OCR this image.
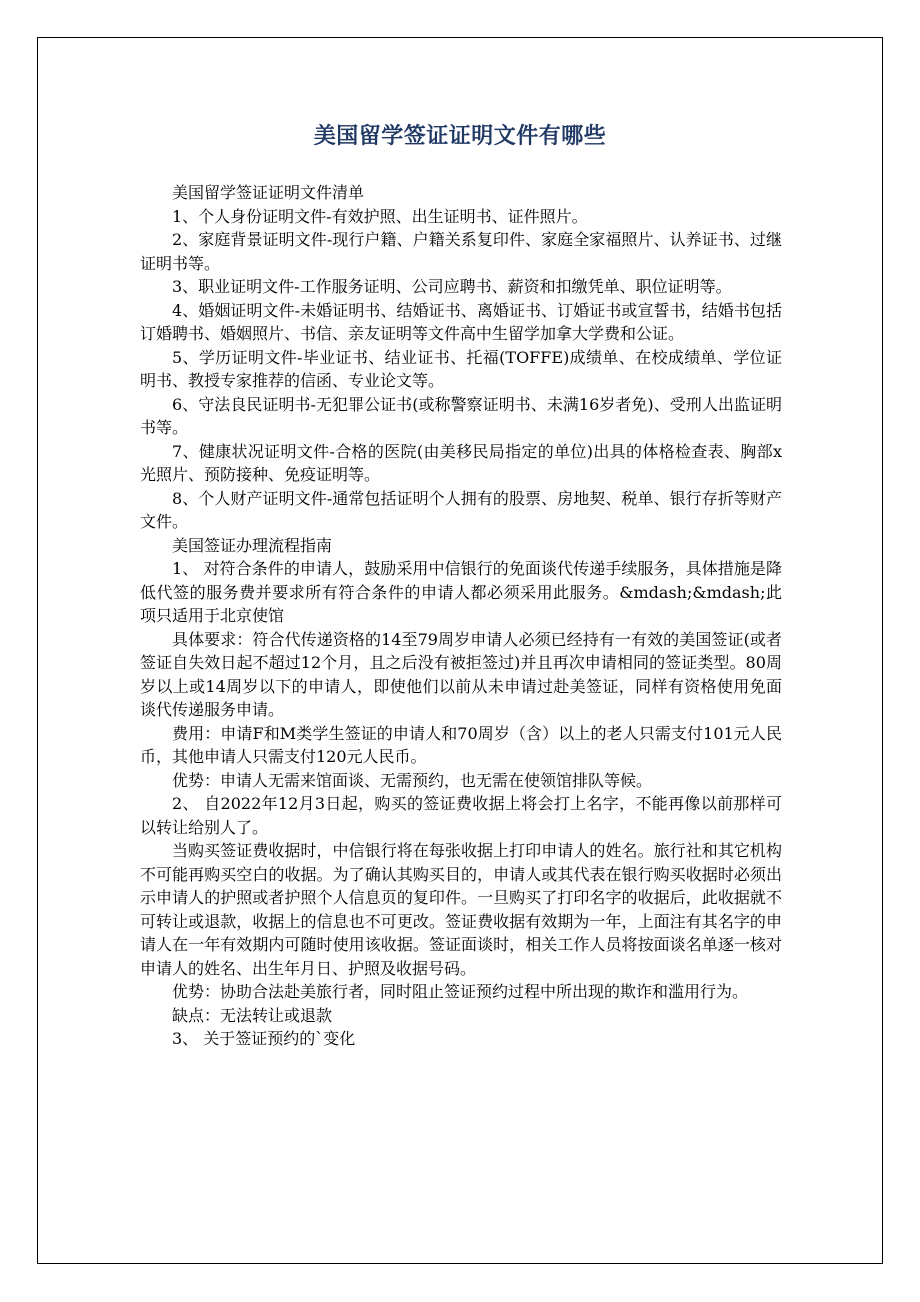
美国留学签证证明文件有哪些

美国留学签证证明文件清单

1、个人身份证明文件-有效护照、出生证明书、证件照片。

2、家庭背景证明文件-现行户籍、户籍关系复印件、家庭全家福照片、认养证书、过继证明书等。

3、职业证明文件-工作服务证明、公司应聘书、薪资和扣缴凭单、职位证明等。

4、婚姻证明文件-未婚证明书、结婚证书、离婚证书、订婚证书或宣誓书，结婚书包括订婚聘书、婚姻照片、书信、亲友证明等文件高中生留学加拿大学费和公证。

5、学历证明文件-毕业证书、结业证书、托福(TOFFE)成绩单、在校成绩单、学位证明书、教授专家推荐的信函、专业论文等。

6、守法良民证明书-无犯罪公证书(或称警察证明书、未满16岁者免)、受刑人出监证明书等。

7、健康状况证明文件-合格的医院(由美移民局指定的单位)出具的体格检查表、胸部x光照片、预防接种、免疫证明等。

8、个人财产证明文件-通常包括证明个人拥有的股票、房地契、税单、银行存折等财产文件。

美国签证办理流程指南

1、 对符合条件的申请人，鼓励采用中信银行的免面谈代传递手续服务，具体措施是降低代签的服务费并要求所有符合条件的申请人都必须采用此服务。&mdash;&mdash;此项只适用于北京使馆

具体要求：符合代传递资格的14至79周岁申请人必须已经持有一有效的美国签证(或者签证自失效日起不超过12个月，且之后没有被拒签过)并且再次申请相同的签证类型。80周岁以上或14周岁以下的申请人，即使他们以前从未申请过赴美签证，同样有资格使用免面谈代传递服务申请。

费用：申请F和M类学生签证的申请人和70周岁（含）以上的老人只需支付101元人民币，其他申请人只需支付120元人民币。

优势：申请人无需来馆面谈、无需预约，也无需在使领馆排队等候。

2、 自2022年12月3日起，购买的签证费收据上将会打上名字，不能再像以前那样可以转让给别人了。

当购买签证费收据时，中信银行将在每张收据上打印申请人的姓名。旅行社和其它机构不可能再购买空白的收据。为了确认其购买目的，申请人或其代表在银行购买收据时必须出示申请人的护照或者护照个人信息页的复印件。一旦购买了打印名字的收据后，此收据就不可转让或退款，收据上的信息也不可更改。签证费收据有效期为一年，上面注有其名字的申请人在一年有效期内可随时使用该收据。签证面谈时，相关工作人员将按面谈名单逐一核对申请人的姓名、出生年月日、护照及收据号码。

优势：协助合法赴美旅行者，同时阻止签证预约过程中所出现的欺诈和滥用行为。

缺点：无法转让或退款

3、 关于签证预约的`变化
